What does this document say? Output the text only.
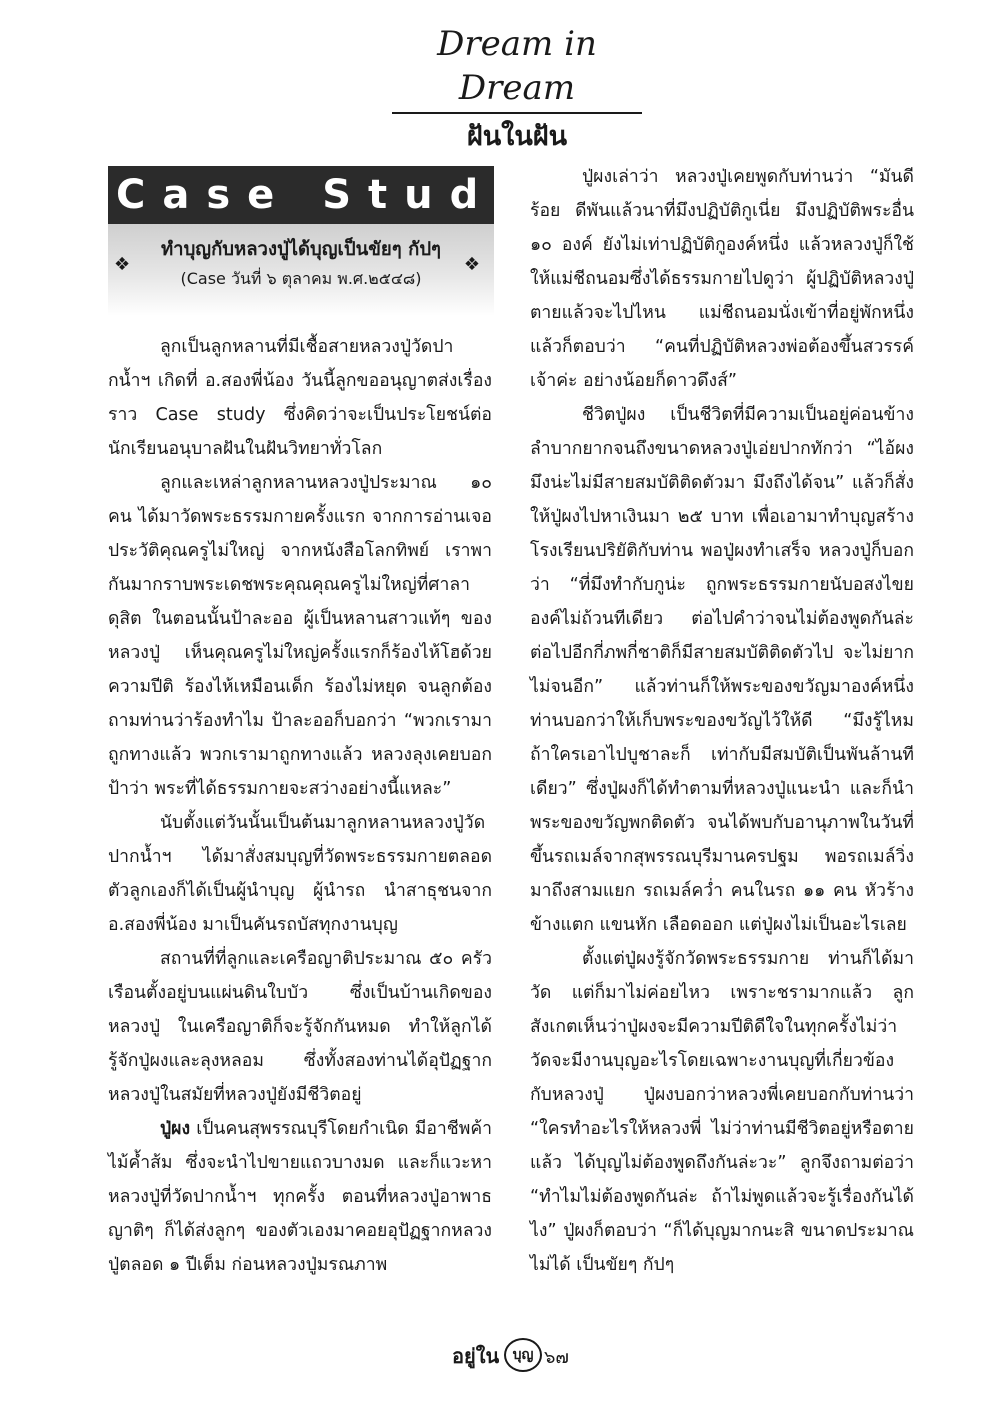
Dream in Dream
ฝันในฝัน
Case Study
❖
ทำบุญกับหลวงปู่ได้บุญเป็นขัยๆ กัปๆ
(Case วันที่ ๖ ตุลาคม พ.ศ.๒๕๔๘)
❖

ลูกเป็นลูกหลานที่มีเชื้อสายหลวงปู่วัดปากน้ำฯ เกิดที่ อ.สองพี่น้อง วันนี้ลูกขออนุญาตส่งเรื่องราว Case study ซึ่งคิดว่าจะเป็นประโยชน์ต่อนักเรียนอนุบาลฝันในฝันวิทยาทั่วโลก

ลูกและเหล่าลูกหลานหลวงปู่ประมาณ ๑๐ คน ได้มาวัดพระธรรมกายครั้งแรก จากการอ่านเจอประวัติคุณครูไม่ใหญ่ จากหนังสือโลกทิพย์ เราพากันมากราบพระเดชพระคุณคุณครูไม่ใหญ่ที่ศาลาดุสิต ในตอนนั้นป้าละออ ผู้เป็นหลานสาวแท้ๆ ของหลวงปู่ เห็นคุณครูไม่ใหญ่ครั้งแรกก็ร้องไห้โฮด้วยความปีติ ร้องไห้เหมือนเด็ก ร้องไม่หยุด จนลูกต้องถามท่านว่าร้องทำไม ป้าละออก็บอกว่า “พวกเรามาถูกทางแล้ว พวกเรามาถูกทางแล้ว หลวงลุงเคยบอกป้าว่า พระที่ได้ธรรมกายจะสว่างอย่างนี้แหละ”

นับตั้งแต่วันนั้นเป็นต้นมาลูกหลานหลวงปู่วัดปากน้ำฯ ได้มาสั่งสมบุญที่วัดพระธรรมกายตลอด ตัวลูกเองก็ได้เป็นผู้นำบุญ ผู้นำรถ นำสาธุชนจาก อ.สองพี่น้อง มาเป็นคันรถบัสทุกงานบุญ

สถานที่ที่ลูกและเครือญาติประมาณ ๕๐ ครัวเรือนตั้งอยู่บนแผ่นดินใบบัว ซึ่งเป็นบ้านเกิดของหลวงปู่ ในเครือญาติก็จะรู้จักกันหมด ทำให้ลูกได้รู้จักปู่ผงและลุงหลอม ซึ่งทั้งสองท่านได้อุปัฏฐากหลวงปู่ในสมัยที่หลวงปู่ยังมีชีวิตอยู่

ปู่ผง เป็นคนสุพรรณบุรีโดยกำเนิด มีอาชีพค้าไม้ค้ำส้ม ซึ่งจะนำไปขายแถวบางมด และก็แวะหาหลวงปู่ที่วัดปากน้ำฯ ทุกครั้ง ตอนที่หลวงปู่อาพาธ ญาติๆ ก็ได้ส่งลูกๆ ของตัวเองมาคอยอุปัฏฐากหลวงปู่ตลอด ๑ ปีเต็ม ก่อนหลวงปู่มรณภาพ

ปู่ผงเล่าว่า หลวงปู่เคยพูดกับท่านว่า “มันดีร้อย ดีพันแล้วนาที่มึงปฏิบัติกูเนี่ย มึงปฏิบัติพระอื่น ๑๐ องค์ ยังไม่เท่าปฏิบัติกูองค์หนึ่ง แล้วหลวงปู่ก็ใช้ให้แม่ชีถนอมซึ่งได้ธรรมกายไปดูว่า ผู้ปฏิบัติหลวงปู่ตายแล้วจะไปไหน แม่ชีถนอมนั่งเข้าที่อยู่พักหนึ่งแล้วก็ตอบว่า “คนที่ปฏิบัติหลวงพ่อต้องขึ้นสวรรค์เจ้าค่ะ อย่างน้อยก็ดาวดึงส์”

ชีวิตปู่ผง เป็นชีวิตที่มีความเป็นอยู่ค่อนข้างลำบากยากจนถึงขนาดหลวงปู่เอ่ยปากทักว่า “ไอ้ผง มึงน่ะไม่มีสายสมบัติติดตัวมา มึงถึงได้จน” แล้วก็สั่งให้ปู่ผงไปหาเงินมา ๒๕ บาท เพื่อเอามาทำบุญสร้างโรงเรียนปริยัติกับท่าน พอปู่ผงทำเสร็จ หลวงปู่ก็บอกว่า “ที่มึงทำกับกูน่ะ ถูกพระธรรมกายนับอสงไขยองค์ไม่ถ้วนทีเดียว ต่อไปคำว่าจนไม่ต้องพูดกันล่ะ ต่อไปอีกกี่ภพกี่ชาติก็มีสายสมบัติติดตัวไป จะไม่ยากไม่จนอีก” แล้วท่านก็ให้พระของขวัญมาองค์หนึ่ง ท่านบอกว่าให้เก็บพระของขวัญไว้ให้ดี “มึงรู้ไหม ถ้าใครเอาไปบูชาละก็ เท่ากับมีสมบัติเป็นพันล้านทีเดียว” ซึ่งปู่ผงก็ได้ทำตามที่หลวงปู่แนะนำ และก็นำพระของขวัญพกติดตัว จนได้พบกับอานุภาพในวันที่ขึ้นรถเมล์จากสุพรรณบุรีมานครปฐม พอรถเมล์วิ่งมาถึงสามแยก รถเมล์คว่ำ คนในรถ ๑๑ คน หัวร้างข้างแตก แขนหัก เลือดออก แต่ปู่ผงไม่เป็นอะไรเลย

ตั้งแต่ปู่ผงรู้จักวัดพระธรรมกาย ท่านก็ได้มาวัด แต่ก็มาไม่ค่อยไหว เพราะชรามากแล้ว ลูกสังเกตเห็นว่าปู่ผงจะมีความปีติดีใจในทุกครั้งไม่ว่าวัดจะมีงานบุญอะไรโดยเฉพาะงานบุญที่เกี่ยวข้องกับหลวงปู่ ปู่ผงบอกว่าหลวงพี่เคยบอกกับท่านว่า “ใครทำอะไรให้หลวงพี่ ไม่ว่าท่านมีชีวิตอยู่หรือตายแล้ว ได้บุญไม่ต้องพูดถึงกันล่ะวะ” ลูกจึงถามต่อว่า “ทำไมไม่ต้องพูดกันล่ะ ถ้าไม่พูดแล้วจะรู้เรื่องกันได้ไง” ปู่ผงก็ตอบว่า “ก็ได้บุญมากนะสิ ขนาดประมาณไม่ได้ เป็นขัยๆ กัปๆ

อยู่ใน บุญ ๖๗
